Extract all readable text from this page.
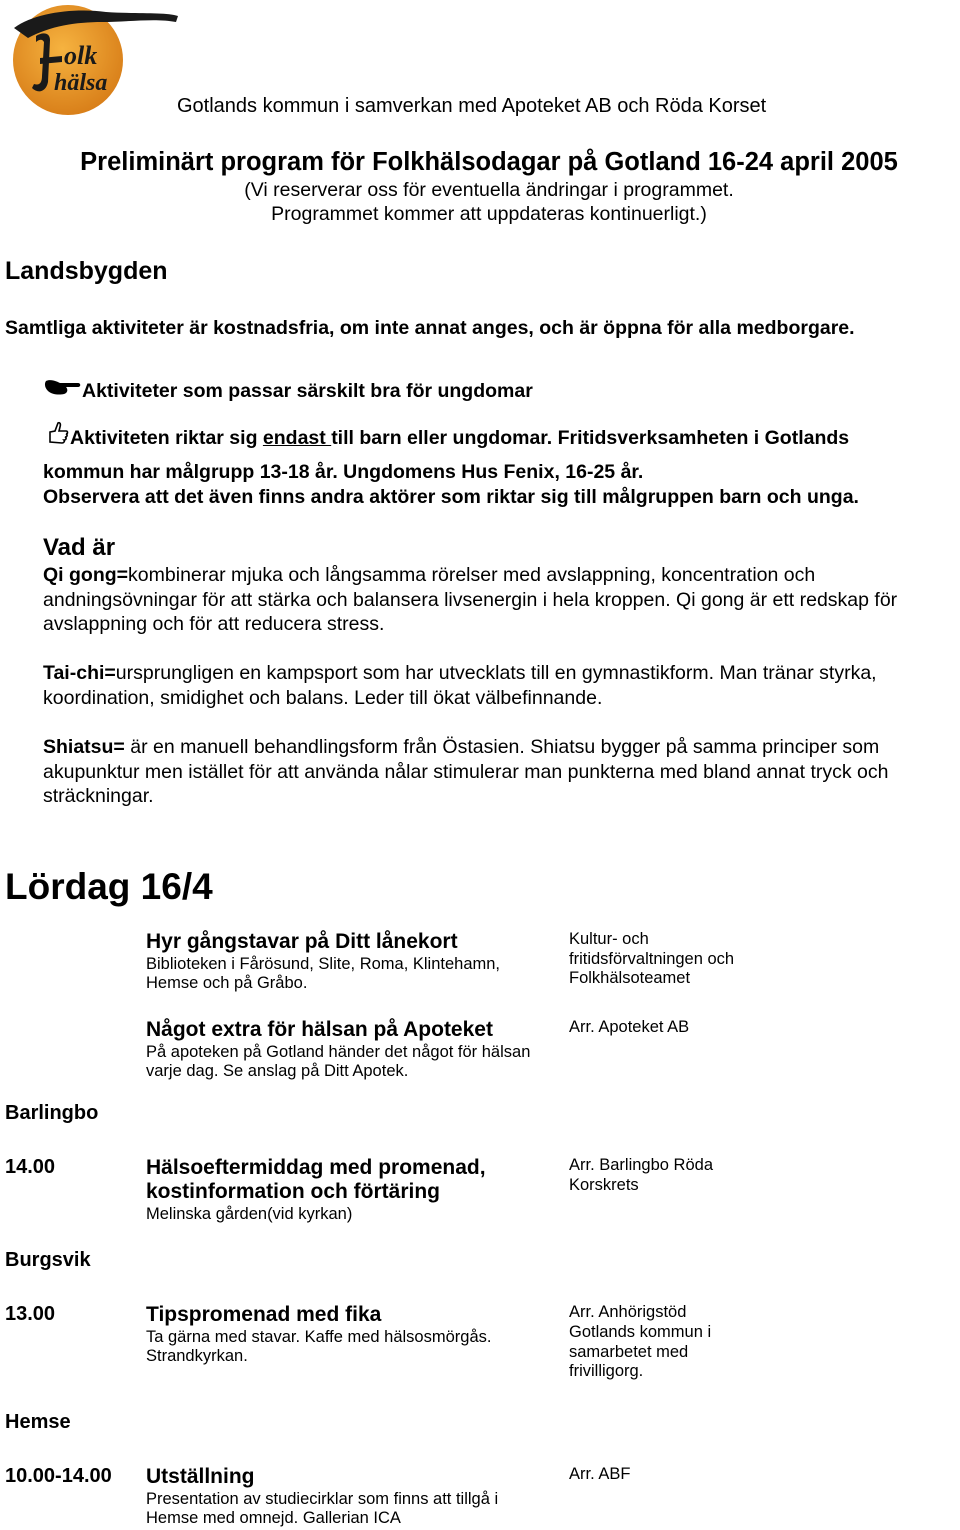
olk
hälsa
Gotlands kommun i samverkan med Apoteket AB och Röda Korset
Preliminärt program för Folkhälsodagar på Gotland 16-24 april 2005
(Vi reserverar oss för eventuella ändringar i programmet.
Programmet kommer att uppdateras kontinuerligt.)
Landsbygden
Samtliga aktiviteter är kostnadsfria, om inte annat anges, och är öppna för alla medborgare.
Aktiviteter som passar särskilt bra för ungdomar
Aktiviteten riktar sig endast till barn eller ungdomar. Fritidsverksamheten i Gotlands
kommun har målgrupp 13-18 år. Ungdomens Hus Fenix, 16-25 år.
Observera att det även finns andra aktörer som riktar sig till målgruppen barn och unga.
Vad är
Qi gong=kombinerar mjuka och långsamma rörelser med avslappning, koncentration och andningsövningar för att stärka och balansera livsenergin i hela kroppen. Qi gong är ett redskap för avslappning och för att reducera stress.
Tai-chi=ursprungligen en kampsport som har utvecklats till en gymnastikform. Man tränar styrka, koordination, smidighet och balans. Leder till ökat välbefinnande.
Shiatsu= är en manuell behandlingsform från Östasien. Shiatsu bygger på samma principer som akupunktur men istället för att använda nålar stimulerar man punkterna med bland annat tryck och sträckningar.
Lördag 16/4
Hyr gångstavar på Ditt lånekort
Biblioteken i Fårösund, Slite, Roma, Klintehamn,
Hemse och på Gråbo.
Kultur- och
fritidsförvaltningen och
Folkhälsoteamet
Något extra för hälsan på Apoteket
På apoteken på Gotland händer det något för hälsan
varje dag. Se anslag på Ditt Apotek.
Arr. Apoteket AB
Barlingbo
14.00	Hälsoeftermiddag med promenad,
kostinformation och förtäring
Melinska gården(vid kyrkan)
Arr. Barlingbo Röda
Korskrets
Burgsvik
13.00	Tipspromenad med fika
Ta gärna med stavar. Kaffe med hälsosmörgås.
Strandkyrkan.
Arr. Anhörigstöd
Gotlands kommun i
samarbetet med
frivilligorg.
Hemse
10.00-14.00 Utställning
Presentation av studiecirklar som finns att tillgå i
Hemse med omnejd. Gallerian ICA
Arr. ABF
